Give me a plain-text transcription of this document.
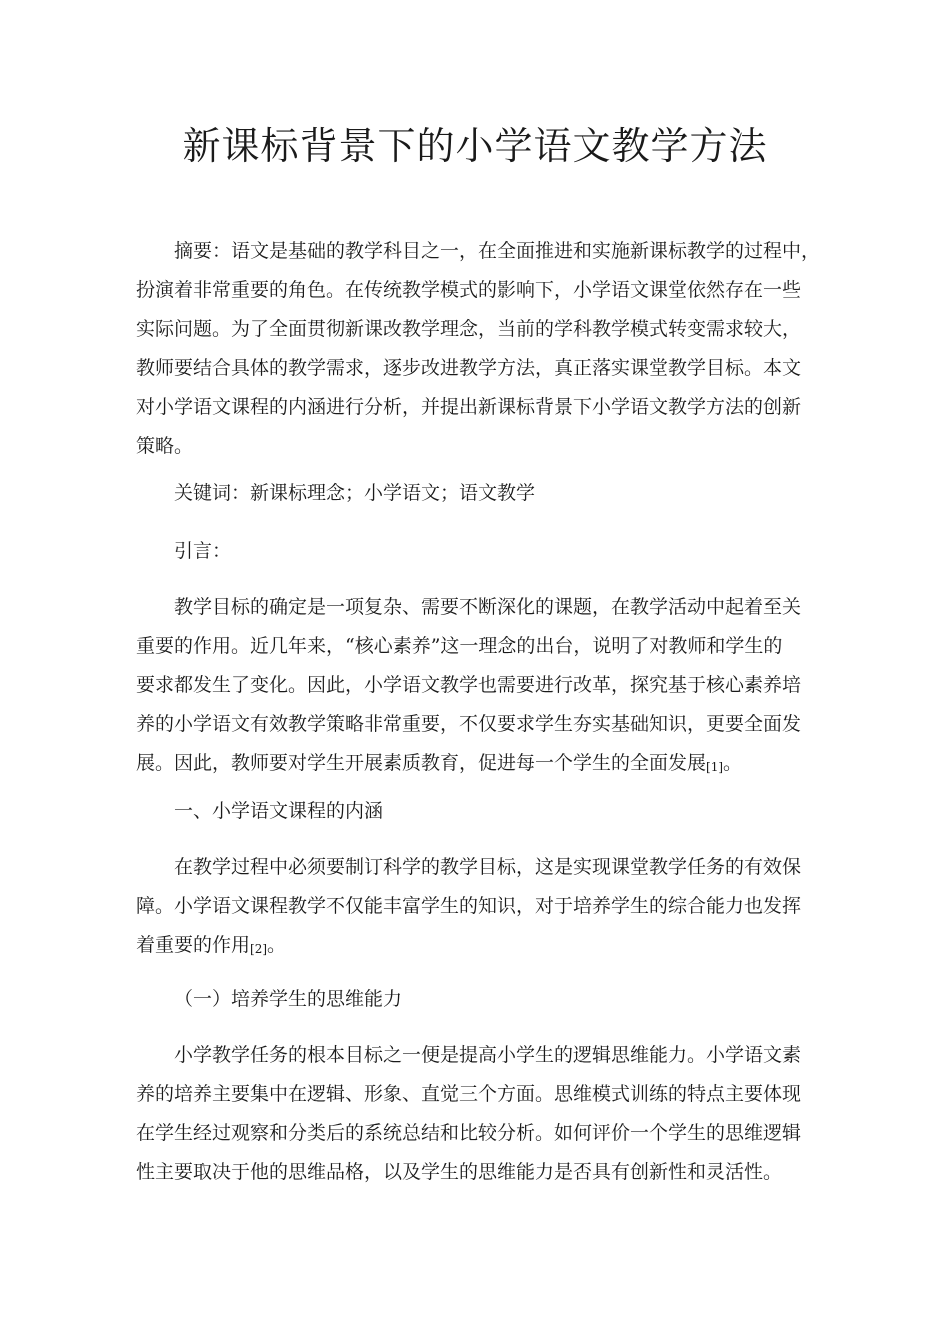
新课标背景下的小学语文教学方法
摘要：语文是基础的教学科目之一，在全面推进和实施新课标教学的过程中，
扮演着非常重要的角色。在传统教学模式的影响下，小学语文课堂依然存在一些
实际问题。为了全面贯彻新课改教学理念，当前的学科教学模式转变需求较大，
教师要结合具体的教学需求，逐步改进教学方法，真正落实课堂教学目标。本文
对小学语文课程的内涵进行分析，并提出新课标背景下小学语文教学方法的创新
策略。
关键词：新课标理念；小学语文；语文教学
引言：
教学目标的确定是一项复杂、需要不断深化的课题，在教学活动中起着至关
重要的作用。近几年来，“核心素养”这一理念的出台，说明了对教师和学生的
要求都发生了变化。因此，小学语文教学也需要进行改革，探究基于核心素养培
养的小学语文有效教学策略非常重要，不仅要求学生夯实基础知识，更要全面发
展。因此，教师要对学生开展素质教育，促进每一个学生的全面发展[1]。
一、小学语文课程的内涵
在教学过程中必须要制订科学的教学目标，这是实现课堂教学任务的有效保
障。小学语文课程教学不仅能丰富学生的知识，对于培养学生的综合能力也发挥
着重要的作用[2]。
（一）培养学生的思维能力
小学教学任务的根本目标之一便是提高小学生的逻辑思维能力。小学语文素
养的培养主要集中在逻辑、形象、直觉三个方面。思维模式训练的特点主要体现
在学生经过观察和分类后的系统总结和比较分析。如何评价一个学生的思维逻辑
性主要取决于他的思维品格，以及学生的思维能力是否具有创新性和灵活性。
